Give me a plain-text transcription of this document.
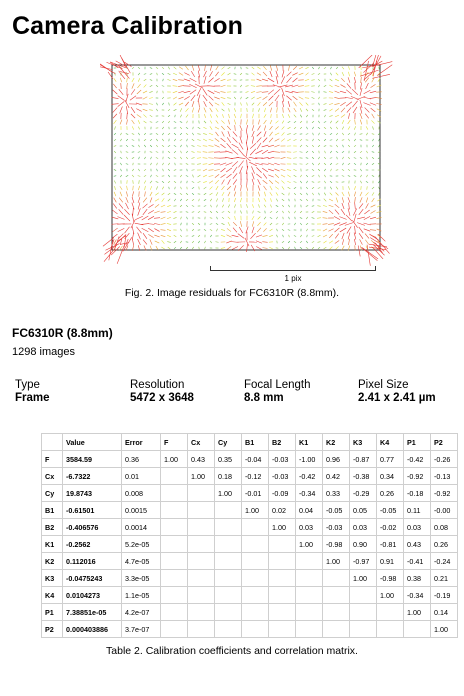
Camera Calibration
1 pix
Fig. 2. Image residuals for FC6310R (8.8mm).
FC6310R (8.8mm)
1298 images
Type
Frame
Resolution
5472 x 3648
Focal Length
8.8 mm
Pixel Size
2.41 x 2.41 µm
	Value	Error	F	Cx	Cy	B1	B2	K1	K2	K3	K4	P1	P2
F	3584.59	0.36	1.00	0.43	0.35	-0.04	-0.03	-1.00	0.96	-0.87	0.77	-0.42	-0.26
Cx	-6.7322	0.01		1.00	0.18	-0.12	-0.03	-0.42	0.42	-0.38	0.34	-0.92	-0.13
Cy	19.8743	0.008			1.00	-0.01	-0.09	-0.34	0.33	-0.29	0.26	-0.18	-0.92
B1	-0.61501	0.0015				1.00	0.02	0.04	-0.05	0.05	-0.05	0.11	-0.00
B2	-0.406576	0.0014					1.00	0.03	-0.03	0.03	-0.02	0.03	0.08
K1	-0.2562	5.2e-05						1.00	-0.98	0.90	-0.81	0.43	0.26
K2	0.112016	4.7e-05							1.00	-0.97	0.91	-0.41	-0.24
K3	-0.0475243	3.3e-05								1.00	-0.98	0.38	0.21
K4	0.0104273	1.1e-05									1.00	-0.34	-0.19
P1	7.38851e-05	4.2e-07										1.00	0.14
P2	0.000403886	3.7e-07											1.00
Table 2. Calibration coefficients and correlation matrix.
